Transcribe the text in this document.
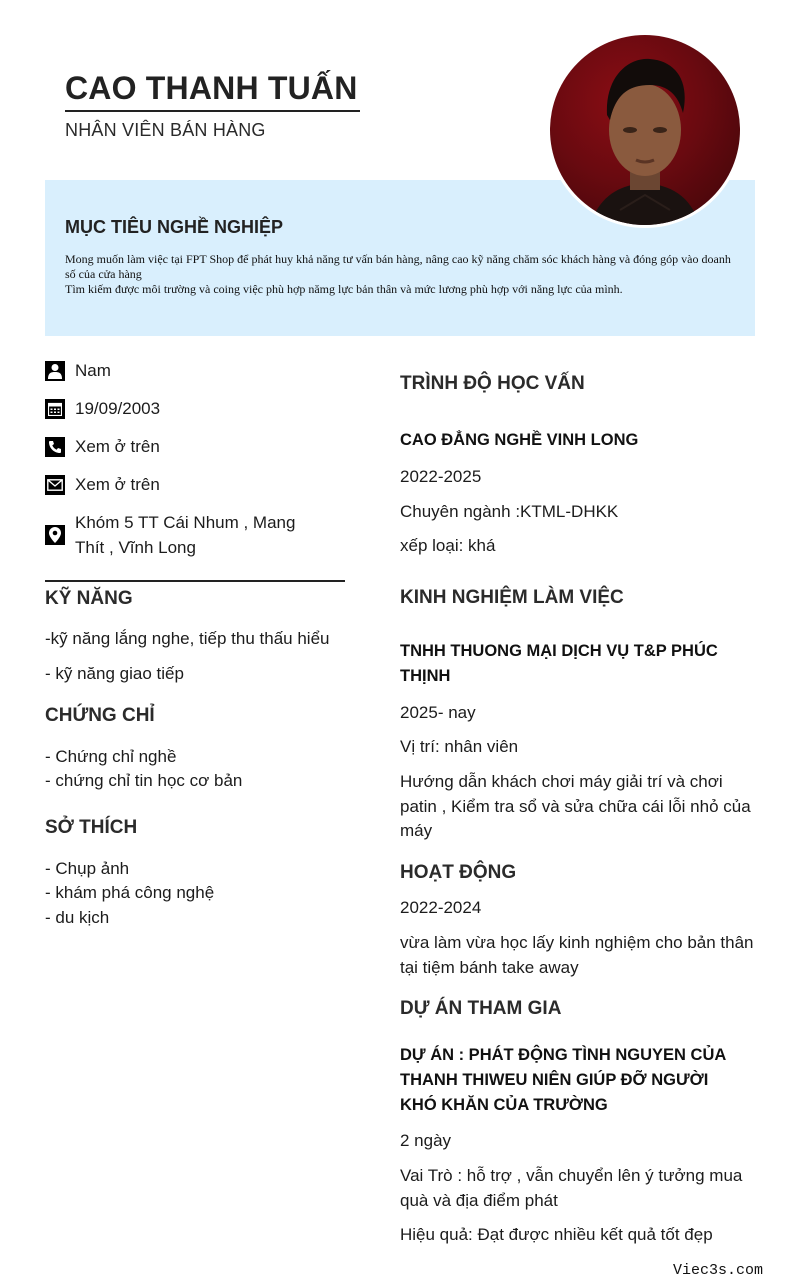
CAO THANH TUẤN
NHÂN VIÊN BÁN HÀNG
MỤC TIÊU NGHỀ NGHIỆP
Mong muốn làm việc tại FPT Shop để phát huy khả năng tư vấn bán hàng, nâng cao kỹ năng chăm sóc khách hàng và đóng góp vào doanh số của cửa hàng
Tìm kiếm được môi trường và coing việc phù hợp nămg lực bản thân và mức lương phù hợp với năng lực của mình.
Nam
19/09/2003
Xem ở trên
Xem ở trên
Khóm 5 TT Cái Nhum , Mang Thít , Vĩnh Long
KỸ NĂNG
-kỹ năng lắng nghe, tiếp thu thấu hiểu
- kỹ năng giao tiếp
CHỨNG CHỈ
- Chứng chỉ nghề
- chứng chỉ tin học cơ bản
SỞ THÍCH
- Chụp ảnh
- khám phá công nghệ
- du kịch
TRÌNH ĐỘ HỌC VẤN
CAO ĐẲNG NGHỀ VINH LONG
2022-2025
Chuyên ngành :KTML-DHKK
xếp loại: khá
KINH NGHIỆM LÀM VIỆC
TNHH THUONG MẠI DỊCH VỤ T&P PHÚC THỊNH
2025- nay
Vị trí: nhân viên
Hướng dẫn khách chơi máy giải trí và chơi patin , Kiểm tra sổ và sửa chữa cái lỗi nhỏ của máy
HOẠT ĐỘNG
2022-2024
vừa làm vừa học lấy kinh nghiệm cho bản thân tại tiệm bánh take away
DỰ ÁN THAM GIA
DỰ ÁN : PHÁT ĐỘNG TÌNH NGUYEN CỦA THANH THIWEU NIÊN GIÚP ĐỠ NGƯỜI KHÓ KHĂN CỦA TRƯỜNG
2 ngày
Vai Trò : hỗ trợ , vẫn chuyển lên ý tưởng mua quà và địa điểm phát
Hiệu quả: Đạt được nhiều kết quả tốt đẹp
Viec3s.com
